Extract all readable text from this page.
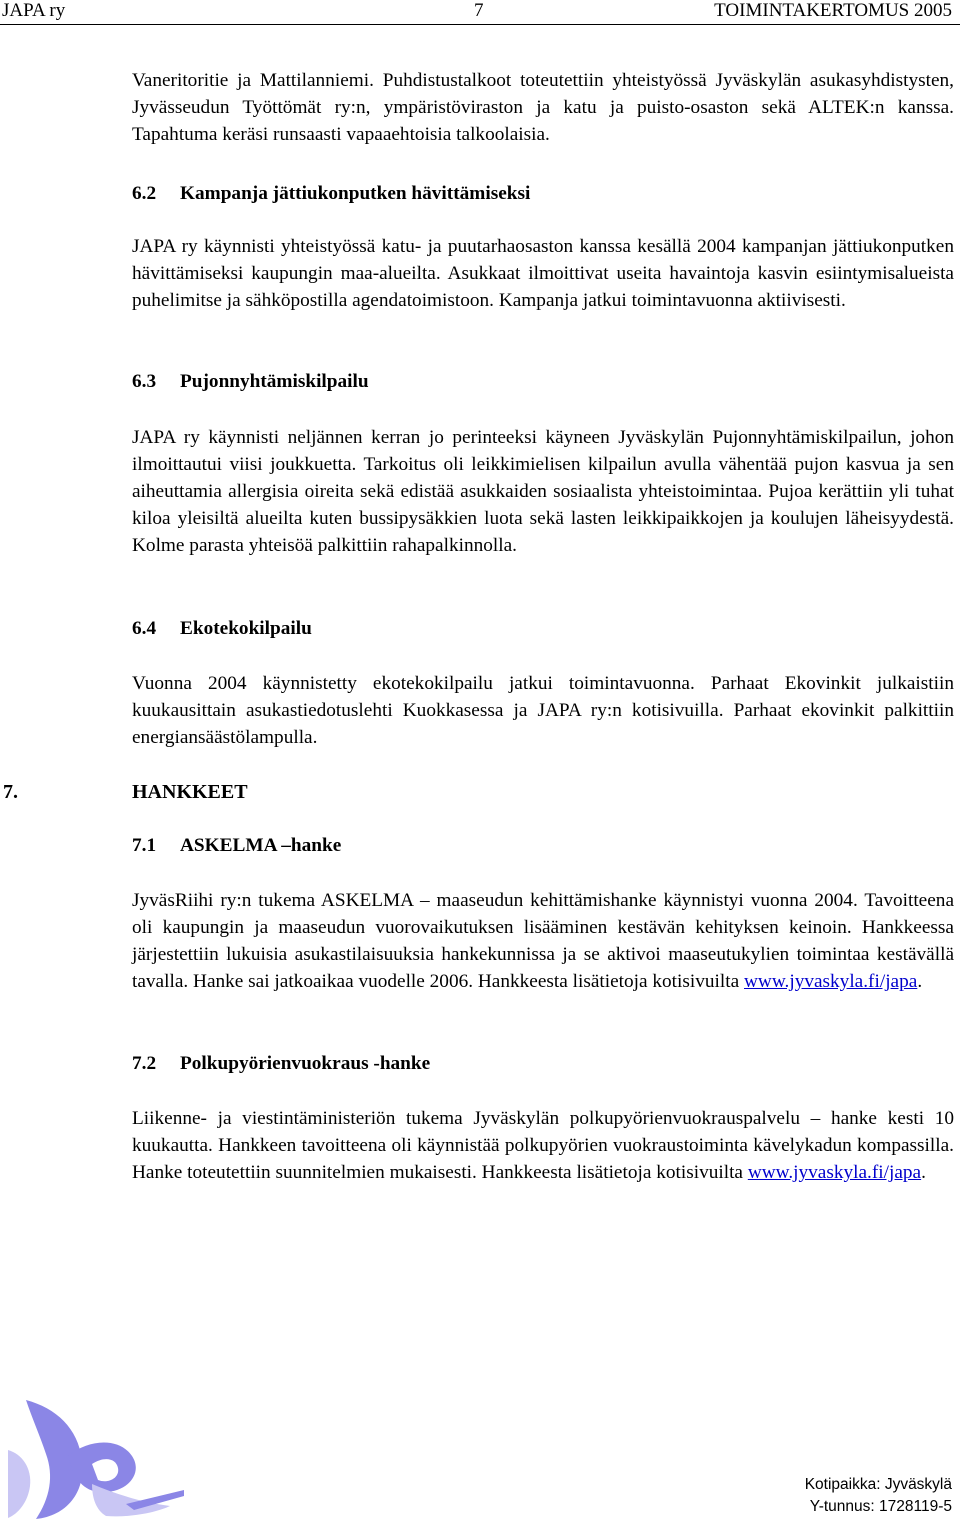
JAPA ry	7	TOIMINTAKERTOMUS 2005
Vaneritoritie ja Mattilanniemi. Puhdistustalkoot toteutettiin yhteistyössä Jyväskylän asukasyhdistysten, Jyvässeudun Työttömät ry:n, ympäristöviraston ja katu ja puisto-osaston sekä ALTEK:n kanssa. Tapahtuma keräsi runsaasti vapaaehtoisia talkoolaisia.
6.2 Kampanja jättiukonputken hävittämiseksi
JAPA ry käynnisti yhteistyössä katu- ja puutarhaosaston kanssa kesällä 2004 kampanjan jättiukonputken hävittämiseksi kaupungin maa-alueilta. Asukkaat ilmoittivat useita havaintoja kasvin esiintymisalueista puhelimitse ja sähköpostilla agendatoimistoon. Kampanja jatkui toimintavuonna aktiivisesti.
6.3 Pujonnyhtämiskilpailu
JAPA ry käynnisti neljännen kerran jo perinteeksi käyneen Jyväskylän Pujonnyhtämiskilpailun, johon ilmoittautui viisi joukkuetta. Tarkoitus oli leikkimielisen kilpailun avulla vähentää pujon kasvua ja sen aiheuttamia allergisia oireita sekä edistää asukkaiden sosiaalista yhteistoimintaa. Pujoa kerättiin yli tuhat kiloa yleisiltä alueilta kuten bussipysäkkien luota sekä lasten leikkipaikkojen ja koulujen läheisyydestä. Kolme parasta yhteisöä palkittiin rahapalkinnolla.
6.4 Ekotekokilpailu
Vuonna 2004 käynnistetty ekotekokilpailu jatkui toimintavuonna. Parhaat Ekovinkit julkaistiin kuukausittain asukastiedotuslehti Kuokkasessa ja JAPA ry:n kotisivuilla. Parhaat ekovinkit palkittiin energiansäästölampulla.
7.	HANKKEET
7.1 ASKELMA –hanke
JyväsRiihi ry:n tukema ASKELMA – maaseudun kehittämishanke käynnistyi vuonna 2004. Tavoitteena oli kaupungin ja maaseudun vuorovaikutuksen lisääminen kestävän kehityksen keinoin. Hankkeessa järjestettiin lukuisia asukastilaisuuksia hankekunnissa ja se aktivoi maaseutukylien toimintaa kestävällä tavalla. Hanke sai jatkoaikaa vuodelle 2006. Hankkeesta lisätietoja kotisivuilta www.jyvaskyla.fi/japa.
7.2 Polkupyörienvuokraus -hanke
Liikenne- ja viestintäministeriön tukema Jyväskylän polkupyörienvuokrauspalvelu – hanke kesti 10 kuukautta. Hankkeen tavoitteena oli käynnistää polkupyörien vuokraustoiminta kävelykadun kompassilla. Hanke toteutettiin suunnitelmien mukaisesti. Hankkeesta lisätietoja kotisivuilta www.jyvaskyla.fi/japa.
Kotipaikka: Jyväskylä
Y-tunnus: 1728119-5
